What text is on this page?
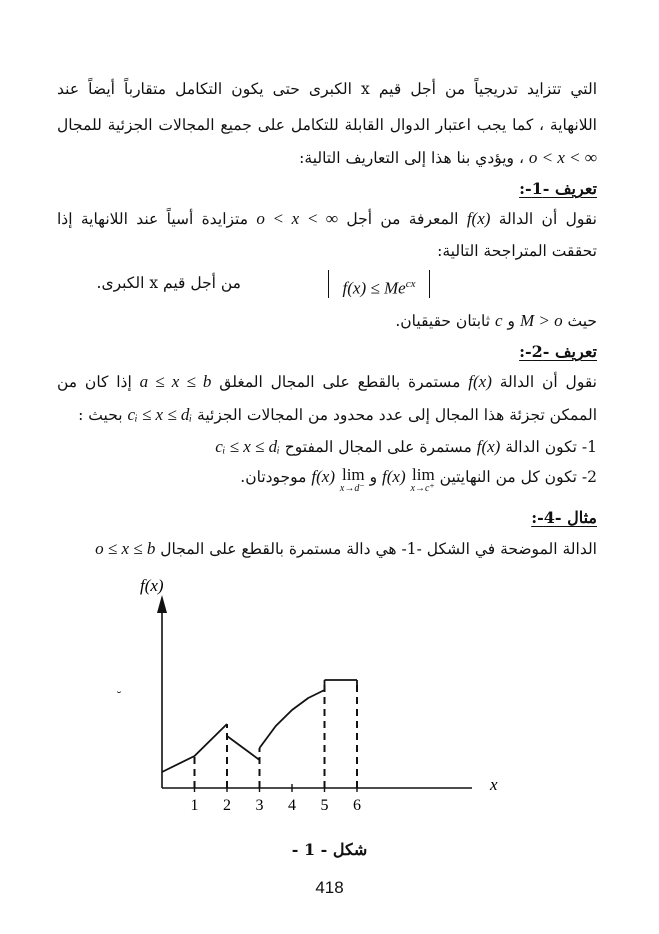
التي تتزايد تدريجياً من أجل قيم x الكبرى حتى يكون التكامل متقارباً أيضاً عند
اللانهاية ، كما يجب اعتبار الدوال القابلة للتكامل على جميع المجالات الجزئية للمجال
o < x < ∞ ، ويؤدي بنا هذا إلى التعاريف التالية:
تعريف -1-:
نقول أن الدالة f(x) المعرفة من أجل o < x < ∞ متزايدة أسياً عند اللانهاية إذا
تحققت المتراجحة التالية:
$f(x) \le Me^{cx}$
من أجل قيم x الكبرى.
حيث M > o و c ثابتان حقيقيان.
تعريف -2-:
نقول أن الدالة f(x) مستمرة بالقطع على المجال المغلق a ≤ x ≤ b إذا كان من
الممكن تجزئة هذا المجال إلى عدد محدود من المجالات الجزئية cᵢ ≤ x ≤ dᵢ بحيث :
1- تكون الدالة f(x) مستمرة على المجال المفتوح cᵢ ≤ x ≤ dᵢ
2- تكون كل من النهايتين lim
x→c⁺
f(x) و lim
x→d⁻
f(x) موجودتان.
مثال -4-:
الدالة الموضحة في الشكل -1- هي دالة مستمرة بالقطع على المجال o ≤ x ≤ b
f(x)
x
1 2 3 4 5 6
شكل - 1 -
418
˘
